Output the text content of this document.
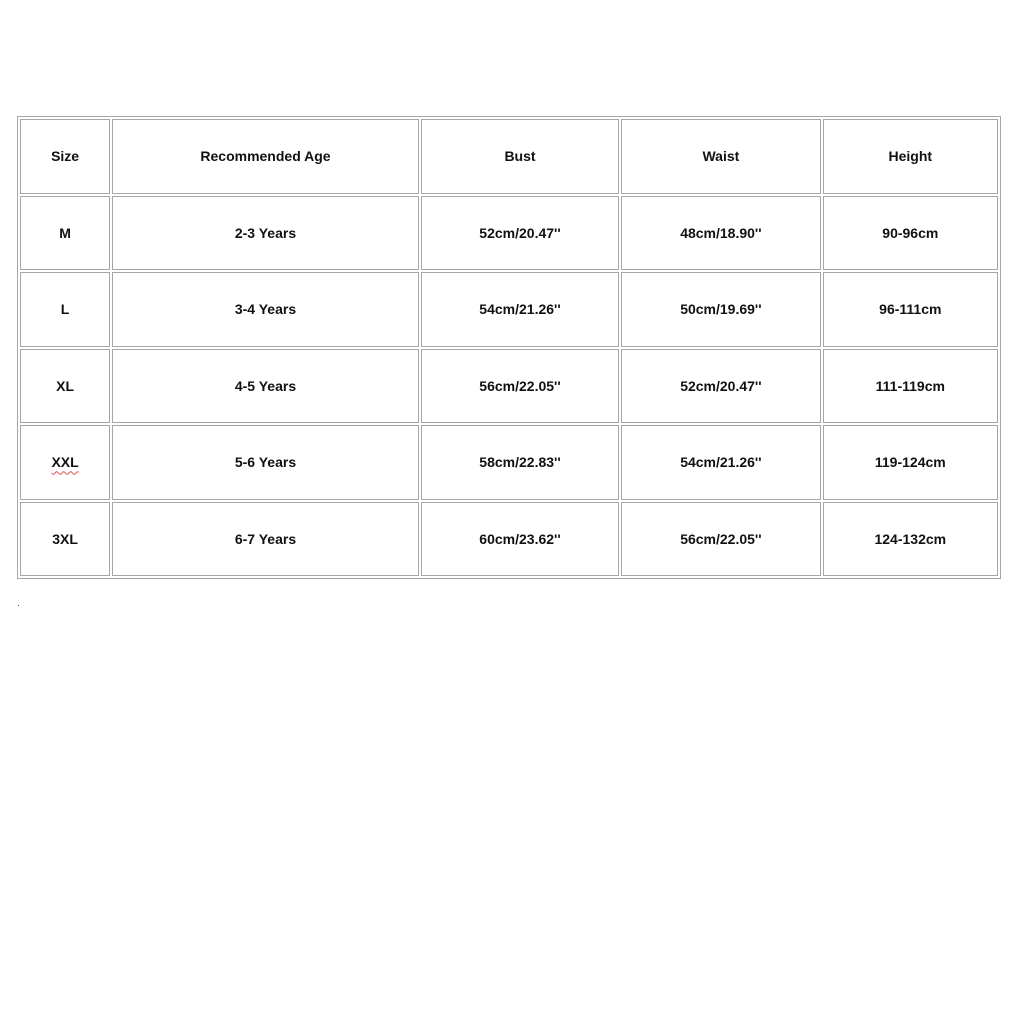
Size	Recommended Age	Bust	Waist	Height
M	2-3 Years	52cm/20.47''	48cm/18.90''	90-96cm
L	3-4 Years	54cm/21.26''	50cm/19.69''	96-111cm
XL	4-5 Years	56cm/22.05''	52cm/20.47''	111-119cm
XXL	5-6 Years	58cm/22.83''	54cm/21.26''	119-124cm
3XL	6-7 Years	60cm/23.62''	56cm/22.05''	124-132cm
